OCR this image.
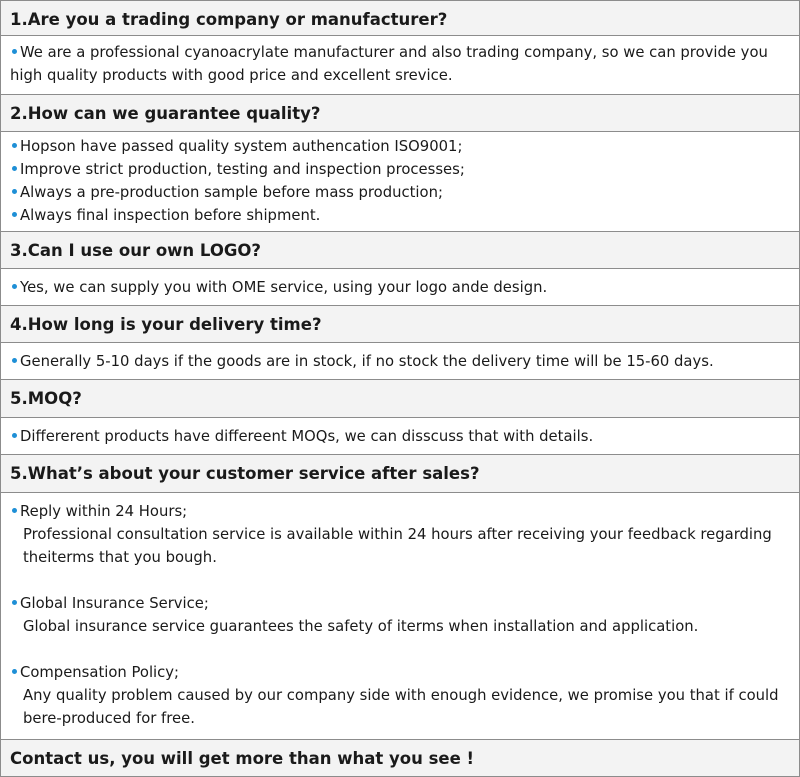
1.Are you a trading company or manufacturer?
We are a professional cyanoacrylate manufacturer and also trading company, so we can provide you
high quality products with good price and excellent srevice.
2.How can we guarantee quality?
Hopson have passed quality system authencation ISO9001;
Improve strict production, testing and inspection processes;
Always a pre-production sample before mass production;
Always final inspection before shipment.
3.Can I use our own LOGO?
Yes, we can supply you with OME service, using your logo ande design.
4.How long is your delivery time?
Generally 5-10 days if the goods are in stock, if no stock the delivery time will be 15-60 days.
5.MOQ?
Differerent products have differeent MOQs, we can disscuss that with details.
5.What’s about your customer service after sales?
Reply within 24 Hours;
Professional consultation service is available within 24 hours after receiving your feedback regarding
theiterms that you bough.
Global Insurance Service;
Global insurance service guarantees the safety of iterms when installation and application.
Compensation Policy;
Any quality problem caused by our company side with enough evidence, we promise you that if could
bere-produced for free.
Contact us, you will get more than what you see !
